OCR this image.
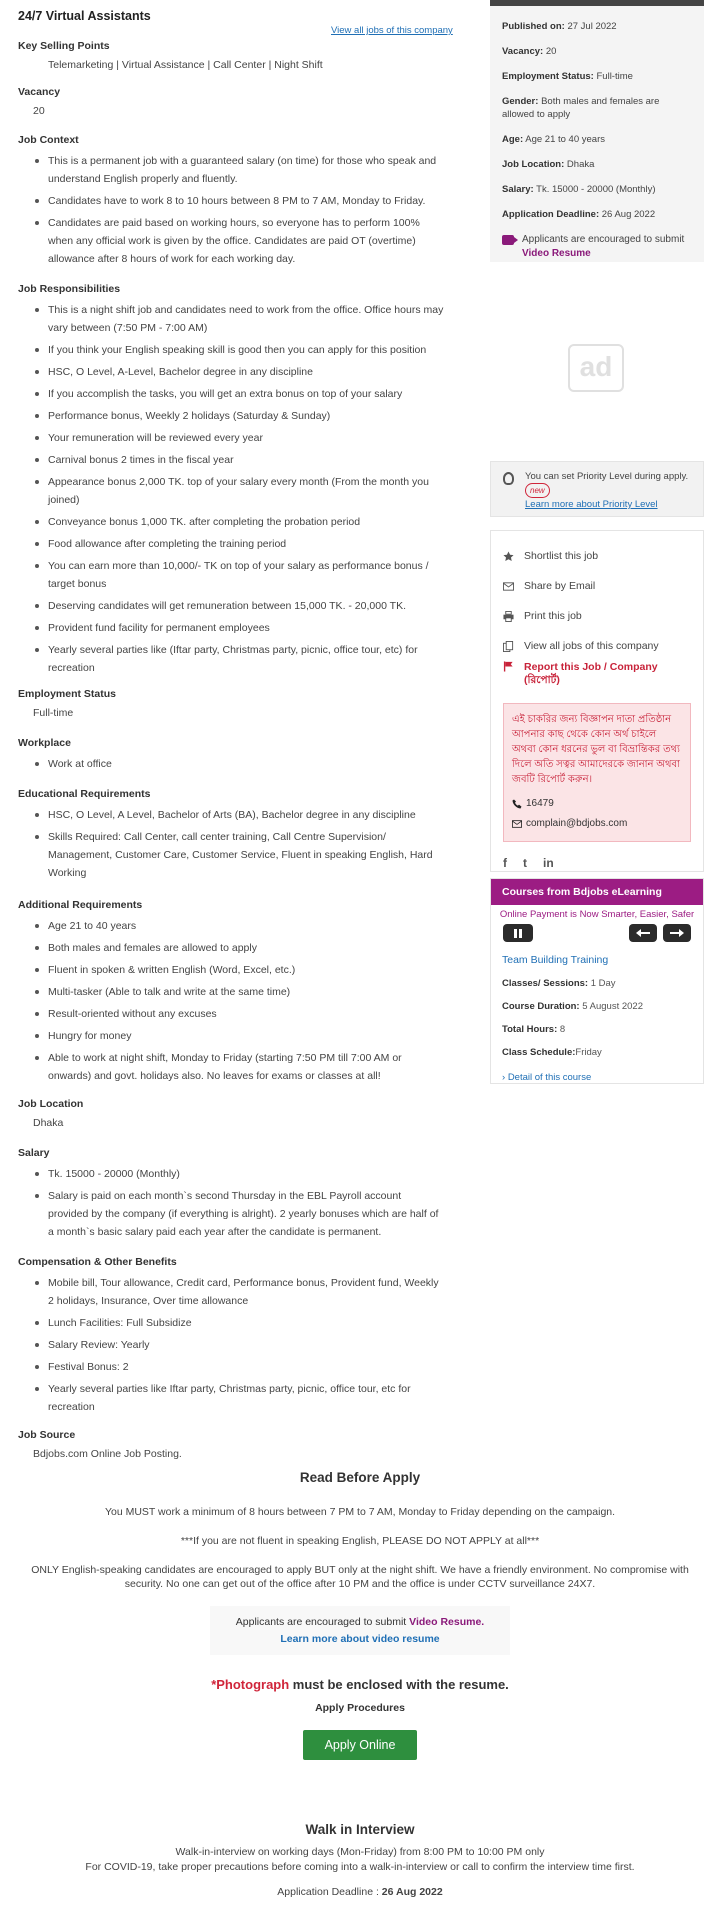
24/7 Virtual Assistants
View all jobs of this company
Key Selling Points
Telemarketing | Virtual Assistance | Call Center | Night Shift
Vacancy
20
Job Context
This is a permanent job with a guaranteed salary (on time) for those who speak and understand English properly and fluently.
Candidates have to work 8 to 10 hours between 8 PM to 7 AM, Monday to Friday.
Candidates are paid based on working hours, so everyone has to perform 100% when any official work is given by the office. Candidates are paid OT (overtime) allowance after 8 hours of work for each working day.
Job Responsibilities
This is a night shift job and candidates need to work from the office. Office hours may vary between (7:50 PM - 7:00 AM)
If you think your English speaking skill is good then you can apply for this position
HSC, O Level, A-Level, Bachelor degree in any discipline
If you accomplish the tasks, you will get an extra bonus on top of your salary
Performance bonus, Weekly 2 holidays (Saturday & Sunday)
Your remuneration will be reviewed every year
Carnival bonus 2 times in the fiscal year
Appearance bonus 2,000 TK. top of your salary every month (From the month you joined)
Conveyance bonus 1,000 TK. after completing the probation period
Food allowance after completing the training period
You can earn more than 10,000/- TK on top of your salary as performance bonus / target bonus
Deserving candidates will get remuneration between 15,000 TK. - 20,000 TK.
Provident fund facility for permanent employees
Yearly several parties like (Iftar party, Christmas party, picnic, office tour, etc) for recreation
Employment Status
Full-time
Workplace
Work at office
Educational Requirements
HSC, O Level, A Level, Bachelor of Arts (BA), Bachelor degree in any discipline
Skills Required: Call Center, call center training, Call Centre Supervision/ Management, Customer Care, Customer Service, Fluent in speaking English, Hard Working
Additional Requirements
Age 21 to 40 years
Both males and females are allowed to apply
Fluent in spoken & written English (Word, Excel, etc.)
Multi-tasker (Able to talk and write at the same time)
Result-oriented without any excuses
Hungry for money
Able to work at night shift, Monday to Friday (starting 7:50 PM till 7:00 AM or onwards) and govt. holidays also. No leaves for exams or classes at all!
Job Location
Dhaka
Salary
Tk. 15000 - 20000 (Monthly)
Salary is paid on each month`s second Thursday in the EBL Payroll account provided by the company (if everything is alright). 2 yearly bonuses which are half of a month`s basic salary paid each year after the candidate is permanent.
Compensation & Other Benefits
Mobile bill, Tour allowance, Credit card, Performance bonus, Provident fund, Weekly 2 holidays, Insurance, Over time allowance
Lunch Facilities: Full Subsidize
Salary Review: Yearly
Festival Bonus: 2
Yearly several parties like Iftar party, Christmas party, picnic, office tour, etc for recreation
Job Source
Bdjobs.com Online Job Posting.
Read Before Apply

You MUST work a minimum of 8 hours between 7 PM to 7 AM, Monday to Friday depending on the campaign.

***If you are not fluent in speaking English, PLEASE DO NOT APPLY at all***

ONLY English-speaking candidates are encouraged to apply BUT only at the night shift. We have a friendly environment. No compromise with security. No one can get out of the office after 10 PM and the office is under CCTV surveillance 24X7.

Applicants are encouraged to submit Video Resume.
Learn more about video resume
*Photograph must be enclosed with the resume.
Apply Procedures
Apply Online
Walk in Interview

Walk-in-interview on working days (Mon-Friday) from 8:00 PM to 10:00 PM only

For COVID-19, take proper precautions before coming into a walk-in-interview or call to confirm the interview time first.

Application Deadline : 26 Aug 2022

Published on: 27 Jul 2022
Vacancy: 20
Employment Status: Full-time
Gender: Both males and females are allowed to apply
Age: Age 21 to 40 years
Job Location: Dhaka
Salary: Tk. 15000 - 20000 (Monthly)
Application Deadline: 26 Aug 2022
Applicants are encouraged to submit Video Resume
ad
You can set Priority Level during apply. new
Learn more about Priority Level
Shortlist this job
Share by Email
Print this job
View all jobs of this company
Report this Job / Company (রিপোর্ট)
এই চাকরির জন্য বিজ্ঞাপন দাতা প্রতিষ্ঠান আপনার কাছ থেকে কোন অর্থ চাইলে অথবা কোন ধরনের ভুল বা বিভ্রান্তিকর তথ্য দিলে অতি সত্বর আমাদেরকে জানান অথবা জবটি রিপোর্ট করুন।
16479
complain@bdjobs.com
f t in
Courses from Bdjobs eLearning
Online Payment is Now Smarter, Easier, Safer
Team Building Training
Classes/ Sessions: 1 Day
Course Duration: 5 August 2022
Total Hours: 8
Class Schedule:Friday
› Detail of this course
